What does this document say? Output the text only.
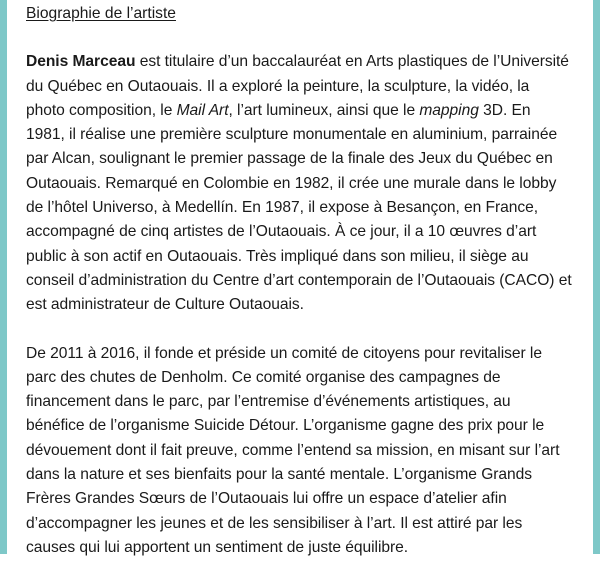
Biographie de l’artiste

Denis Marceau est titulaire d’un baccalauréat en Arts plastiques de l’Université du Québec en Outaouais. Il a exploré la peinture, la sculpture, la vidéo, la photo composition, le Mail Art, l’art lumineux, ainsi que le mapping 3D. En 1981, il réalise une première sculpture monumentale en aluminium, parrainée par Alcan, soulignant le premier passage de la finale des Jeux du Québec en Outaouais. Remarqué en Colombie en 1982, il crée une murale dans le lobby de l’hôtel Universo, à Medellín. En 1987, il expose à Besançon, en France, accompagné de cinq artistes de l’Outaouais. À ce jour, il a 10 œuvres d’art public à son actif en Outaouais. Très impliqué dans son milieu, il siège au conseil d’administration du Centre d’art contemporain de l’Outaouais (CACO) et est administrateur de Culture Outaouais.

De 2011 à 2016, il fonde et préside un comité de citoyens pour revitaliser le parc des chutes de Denholm. Ce comité organise des campagnes de financement dans le parc, par l’entremise d’événements artistiques, au bénéfice de l’organisme Suicide Détour. L’organisme gagne des prix pour le dévouement dont il fait preuve, comme l’entend sa mission, en misant sur l’art dans la nature et ses bienfaits pour la santé mentale. L’organisme Grands Frères Grandes Sœurs de l’Outaouais lui offre un espace d’atelier afin d’accompagner les jeunes et de les sensibiliser à l’art. Il est attiré par les causes qui lui apportent un sentiment de juste équilibre.
